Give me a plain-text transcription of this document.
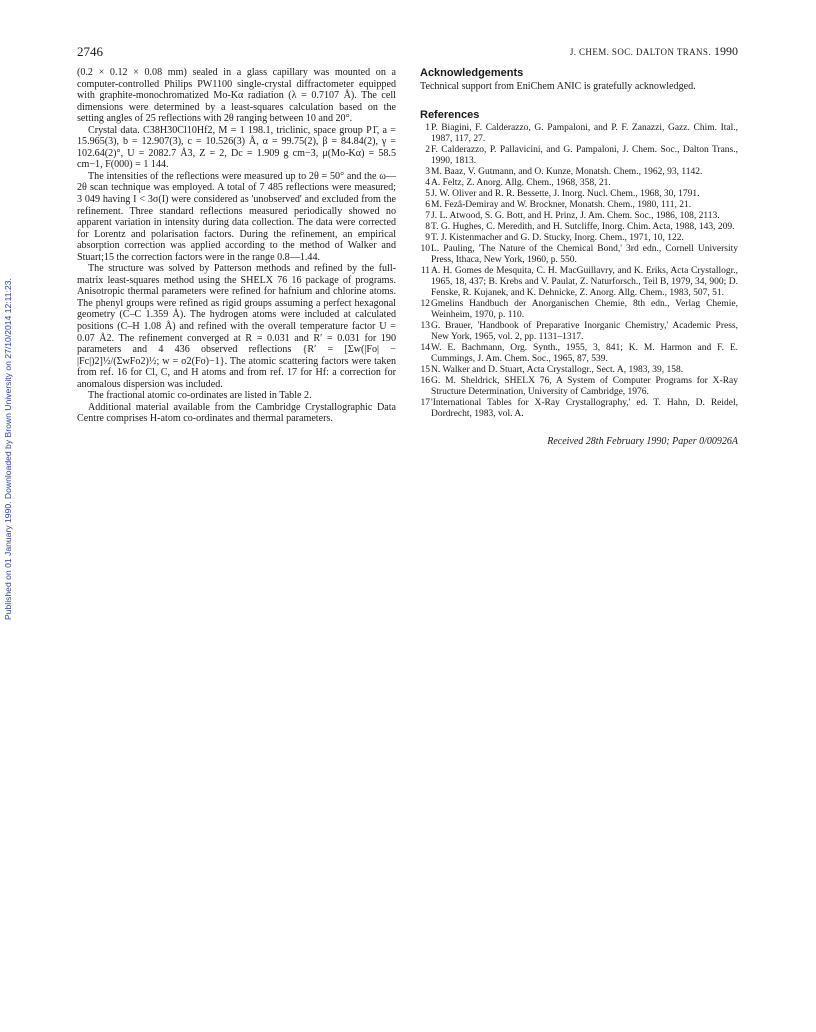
2746	J. CHEM. SOC. DALTON TRANS. 1990
Published on 01 January 1990. Downloaded by Brown University on 27/10/2014 12:11:23.

(0.2 × 0.12 × 0.08 mm) sealed in a glass capillary was mounted on a computer-controlled Philips PW1100 single-crystal diffractometer equipped with graphite-monochromatized Mo-Kα radiation (λ = 0.7107 Å). The cell dimensions were determined by a least-squares calculation based on the setting angles of 25 reflections with 2θ ranging between 10 and 20°.

Crystal data. C38H30Cl10Hf2, M = 1 198.1, triclinic, space group P1̄, a = 15.965(3), b = 12.907(3), c = 10.526(3) Å, α = 99.75(2), β = 84.84(2), γ = 102.64(2)°, U = 2082.7 Å3, Z = 2, Dc = 1.909 g cm−3, μ(Mo-Kα) = 58.5 cm−1, F(000) = 1 144.

The intensities of the reflections were measured up to 2θ = 50° and the ω—2θ scan technique was employed. A total of 7 485 reflections were measured; 3 049 having I < 3σ(I) were considered as 'unobserved' and excluded from the refinement. Three standard reflections measured periodically showed no apparent variation in intensity during data collection. The data were corrected for Lorentz and polarisation factors. During the refinement, an empirical absorption correction was applied according to the method of Walker and Stuart;15 the correction factors were in the range 0.8—1.44.

The structure was solved by Patterson methods and refined by the full-matrix least-squares method using the SHELX 76 16 package of programs. Anisotropic thermal parameters were refined for hafnium and chlorine atoms. The phenyl groups were refined as rigid groups assuming a perfect hexagonal geometry (C–C 1.359 Å). The hydrogen atoms were included at calculated positions (C–H 1.08 Å) and refined with the overall temperature factor U = 0.07 Å2. The refinement converged at R = 0.031 and R′ = 0.031 for 190 parameters and 4 436 observed reflections {R′ = [Σw(|Fo| − |Fc|)2]½/(ΣwFo2)½; w = σ2(Fo)−1}. The atomic scattering factors were taken from ref. 16 for Cl, C, and H atoms and from ref. 17 for Hf: a correction for anomalous dispersion was included.

The fractional atomic co-ordinates are listed in Table 2.

Additional material available from the Cambridge Crystallographic Data Centre comprises H-atom co-ordinates and thermal parameters.

Acknowledgements

Technical support from EniChem ANIC is gratefully acknowledged.

References
1 P. Biagini, F. Calderazzo, G. Pampaloni, and P. F. Zanazzi, Gazz. Chim. Ital., 1987, 117, 27.
2 F. Calderazzo, P. Pallavicini, and G. Pampaloni, J. Chem. Soc., Dalton Trans., 1990, 1813.
3 M. Baaz, V. Gutmann, and O. Kunze, Monatsh. Chem., 1962, 93, 1142.
4 A. Feltz, Z. Anorg. Allg. Chem., 1968, 358, 21.
5 J. W. Oliver and R. R. Bessette, J. Inorg. Nucl. Chem., 1968, 30, 1791.
6 M. Fezâ-Demiray and W. Brockner, Monatsh. Chem., 1980, 111, 21.
7 J. L. Atwood, S. G. Bott, and H. Prinz, J. Am. Chem. Soc., 1986, 108, 2113.
8 T. G. Hughes, C. Meredith, and H. Sutcliffe, Inorg. Chim. Acta, 1988, 143, 209.
9 T. J. Kistenmacher and G. D. Stucky, Inorg. Chem., 1971, 10, 122.
10 L. Pauling, 'The Nature of the Chemical Bond,' 3rd edn., Cornell University Press, Ithaca, New York, 1960, p. 550.
11 A. H. Gomes de Mesquita, C. H. MacGuillavry, and K. Eriks, Acta Crystallogr., 1965, 18, 437; B. Krebs and V. Paulat, Z. Naturforsch., Teil B, 1979, 34, 900; D. Fenske, R. Kujanek, and K. Dehnicke, Z. Anorg. Allg. Chem., 1983, 507, 51.
12 Gmelins Handbuch der Anorganischen Chemie, 8th edn., Verlag Chemie, Weinheim, 1970, p. 110.
13 G. Brauer, 'Handbook of Preparative Inorganic Chemistry,' Academic Press, New York, 1965, vol. 2, pp. 1131–1317.
14 W. E. Bachmann, Org. Synth., 1955, 3, 841; K. M. Harmon and F. E. Cummings, J. Am. Chem. Soc., 1965, 87, 539.
15 N. Walker and D. Stuart, Acta Crystallogr., Sect. A, 1983, 39, 158.
16 G. M. Sheldrick, SHELX 76, A System of Computer Programs for X-Ray Structure Determination, University of Cambridge, 1976.
17 'International Tables for X-Ray Crystallography,' ed. T. Hahn, D. Reidel, Dordrecht, 1983, vol. A.

Received 28th February 1990; Paper 0/00926A
